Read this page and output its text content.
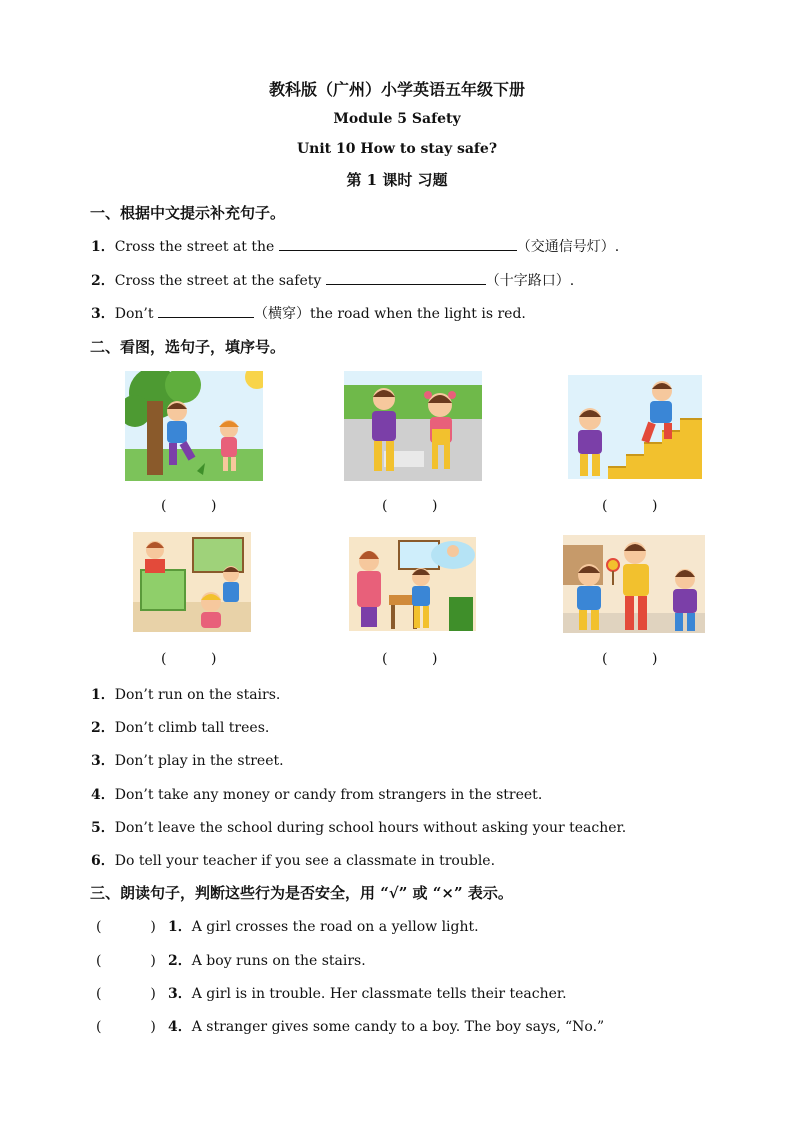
教科版（广州）小学英语五年级下册
Module 5 Safety
Unit 10 How to stay safe?
第 1 课时 习题
一、根据中文提示补充句子。
1．Cross the street at the	（交通信号灯）.
2．Cross the street at the safety	（十字路口）.
3．Don’t	（横穿）the road when the light is red.
二、看图，选句子，填序号。
(          )	(          )	(          )
(          )	(          )	(          )
1．Don’t run on the stairs.
2．Don’t climb tall trees.
3．Don’t play in the street.
4．Don’t take any money or candy from strangers in the street.
5．Don’t leave the school during school hours without asking your teacher.
6．Do tell your teacher if you see a classmate in trouble.
三、朗读句子，判断这些行为是否安全，用 “√” 或 “×” 表示。
(           ) 1．A girl crosses the road on a yellow light.
(           ) 2．A boy runs on the stairs.
(           ) 3．A girl is in trouble. Her classmate tells their teacher.
(           ) 4．A stranger gives some candy to a boy. The boy says, “No.”
